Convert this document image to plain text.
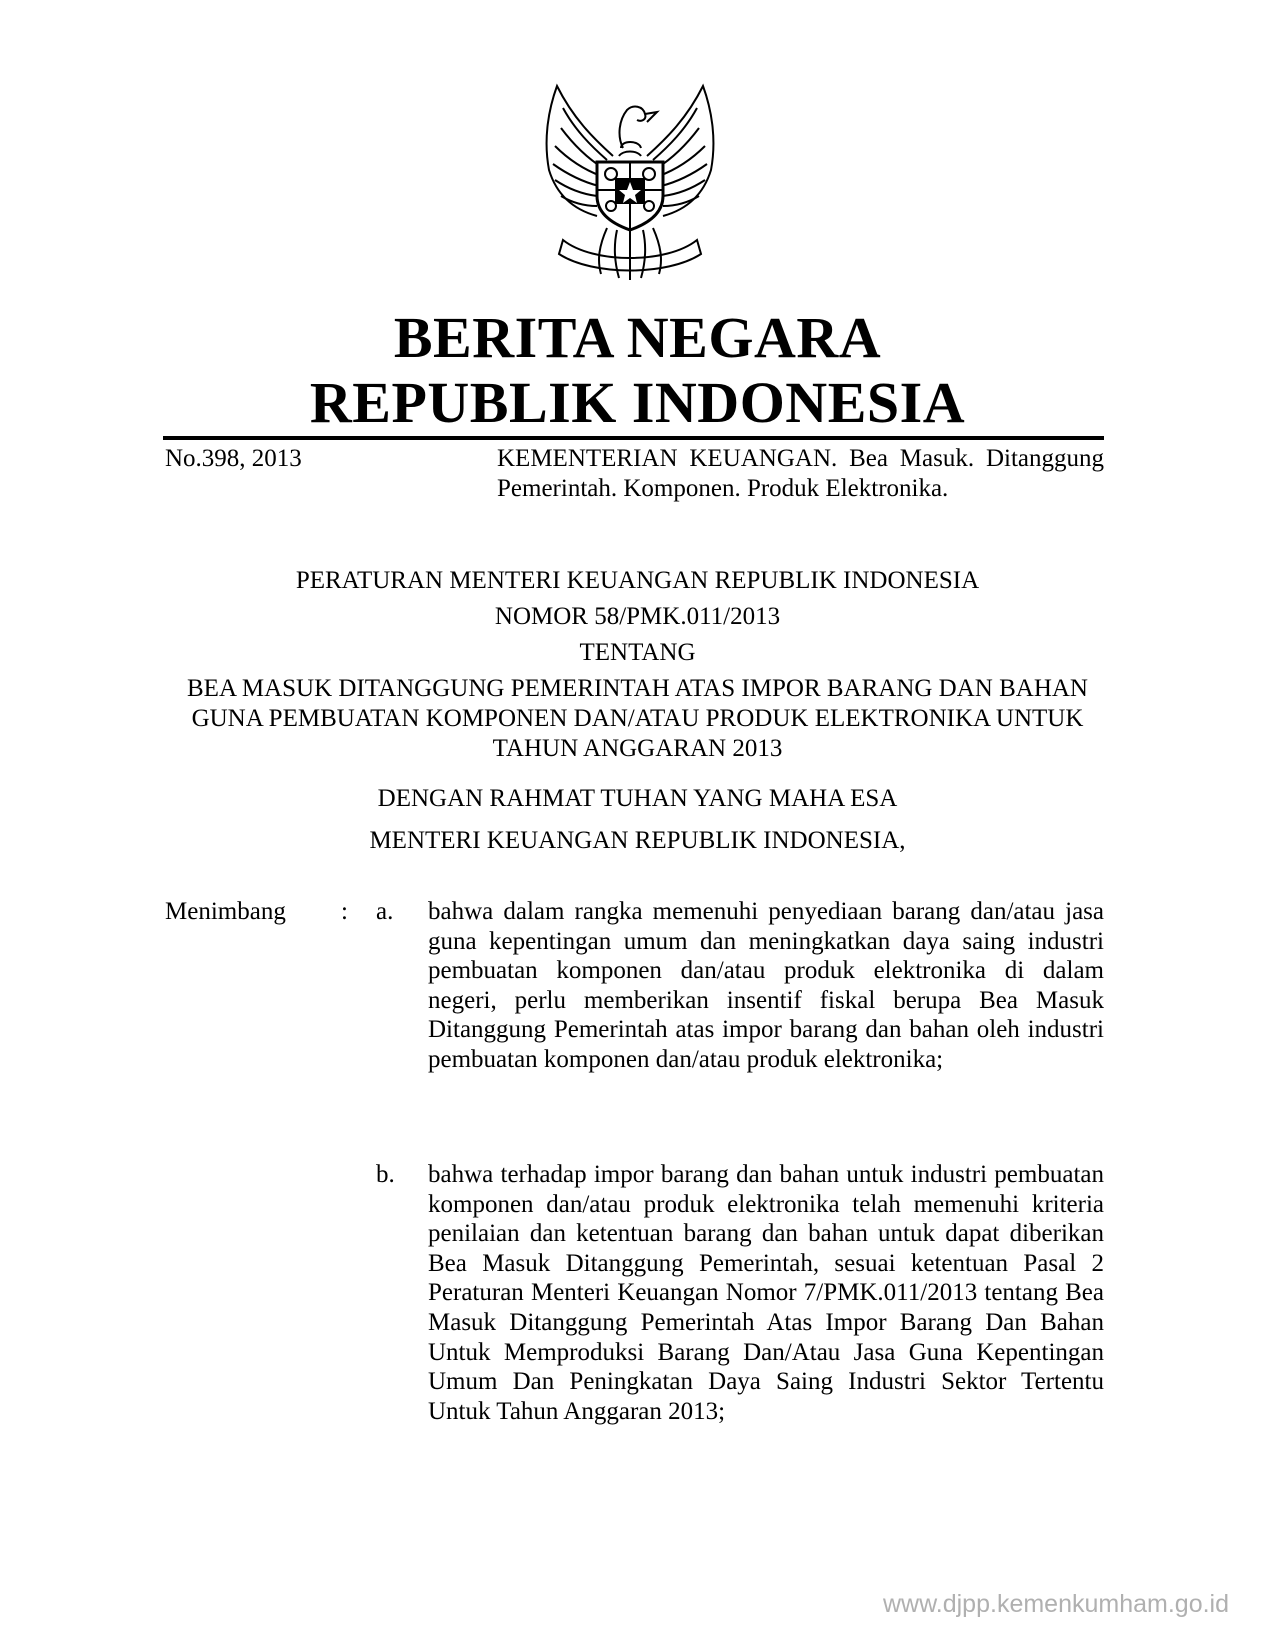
BERITA NEGARA
REPUBLIK INDONESIA
No.398, 2013	KEMENTERIAN KEUANGAN. Bea Masuk. Ditanggung Pemerintah. Komponen. Produk Elektronika.
PERATURAN MENTERI KEUANGAN REPUBLIK INDONESIA
NOMOR 58/PMK.011/2013
TENTANG
BEA MASUK DITANGGUNG PEMERINTAH ATAS IMPOR BARANG DAN BAHAN GUNA PEMBUATAN KOMPONEN DAN/ATAU PRODUK ELEKTRONIKA UNTUK TAHUN ANGGARAN 2013
DENGAN RAHMAT TUHAN YANG MAHA ESA
MENTERI KEUANGAN REPUBLIK INDONESIA,
Menimbang : a. bahwa dalam rangka memenuhi penyediaan barang dan/atau jasa guna kepentingan umum dan meningkatkan daya saing industri pembuatan komponen dan/atau produk elektronika di dalam negeri, perlu memberikan insentif fiskal berupa Bea Masuk Ditanggung Pemerintah atas impor barang dan bahan oleh industri pembuatan komponen dan/atau produk elektronika;
b. bahwa terhadap impor barang dan bahan untuk industri pembuatan komponen dan/atau produk elektronika telah memenuhi kriteria penilaian dan ketentuan barang dan bahan untuk dapat diberikan Bea Masuk Ditanggung Pemerintah, sesuai ketentuan Pasal 2 Peraturan Menteri Keuangan Nomor 7/PMK.011/2013 tentang Bea Masuk Ditanggung Pemerintah Atas Impor Barang Dan Bahan Untuk Memproduksi Barang Dan/Atau Jasa Guna Kepentingan Umum Dan Peningkatan Daya Saing Industri Sektor Tertentu Untuk Tahun Anggaran 2013;
www.djpp.kemenkumham.go.id
